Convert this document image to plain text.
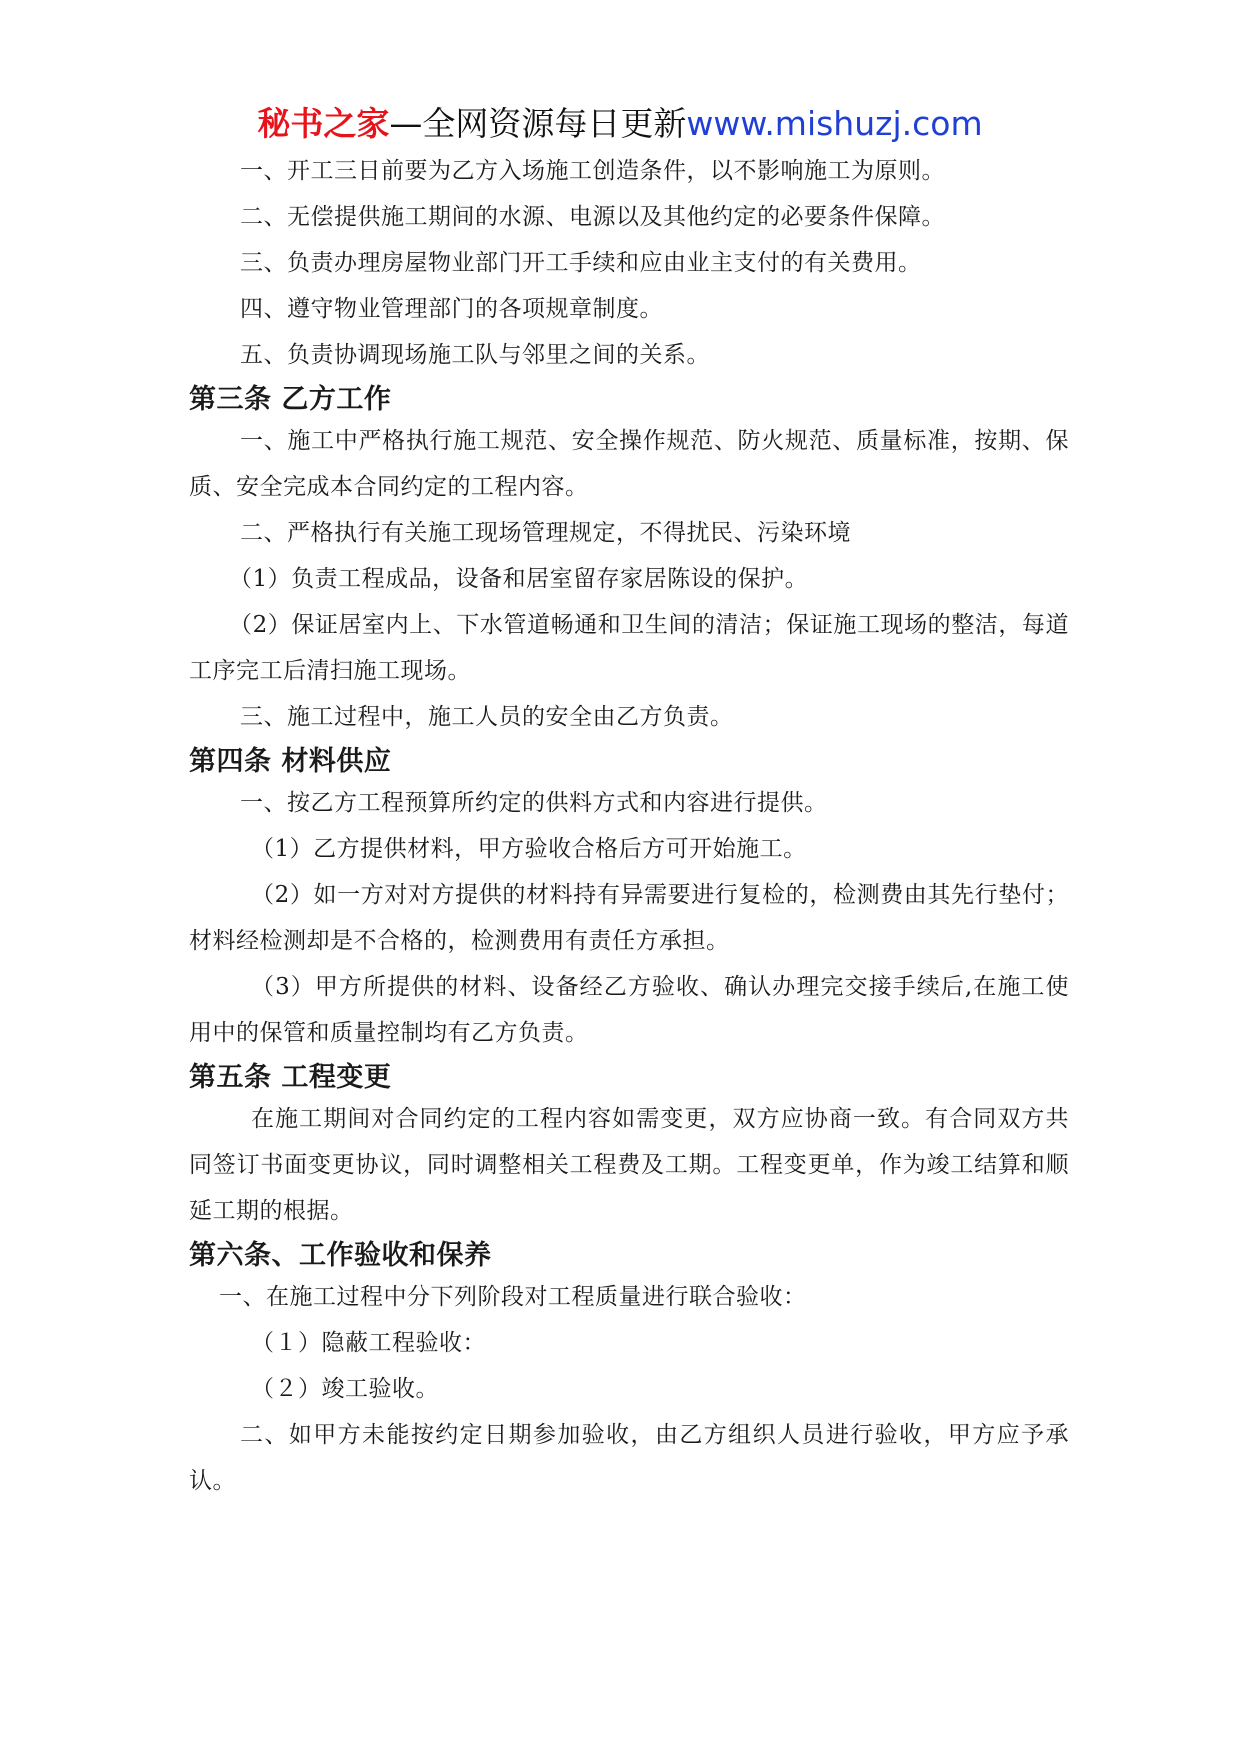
秘书之家—全网资源每日更新www.mishuzj.com

一、开工三日前要为乙方入场施工创造条件，以不影响施工为原则。

二、无偿提供施工期间的水源、电源以及其他约定的必要条件保障。

三、负责办理房屋物业部门开工手续和应由业主支付的有关费用。

四、遵守物业管理部门的各项规章制度。

五、负责协调现场施工队与邻里之间的关系。

第三条 乙方工作

一、施工中严格执行施工规范、安全操作规范、防火规范、质量标准，按期、保质、安全完成本合同约定的工程内容。

二、严格执行有关施工现场管理规定，不得扰民、污染环境

（1）负责工程成品，设备和居室留存家居陈设的保护。

（2）保证居室内上、下水管道畅通和卫生间的清洁；保证施工现场的整洁，每道工序完工后清扫施工现场。

三、施工过程中，施工人员的安全由乙方负责。

第四条 材料供应

一、按乙方工程预算所约定的供料方式和内容进行提供。

（1）乙方提供材料，甲方验收合格后方可开始施工。

（2）如一方对对方提供的材料持有异需要进行复检的，检测费由其先行垫付；材料经检测却是不合格的，检测费用有责任方承担。

（3）甲方所提供的材料、设备经乙方验收、确认办理完交接手续后,在施工使用中的保管和质量控制均有乙方负责。

第五条 工程变更

在施工期间对合同约定的工程内容如需变更，双方应协商一致。有合同双方共同签订书面变更协议，同时调整相关工程费及工期。工程变更单，作为竣工结算和顺延工期的根据。

第六条、工作验收和保养

一、在施工过程中分下列阶段对工程质量进行联合验收：

（１）隐蔽工程验收：

（２）竣工验收。

二、如甲方未能按约定日期参加验收，由乙方组织人员进行验收，甲方应予承认。
